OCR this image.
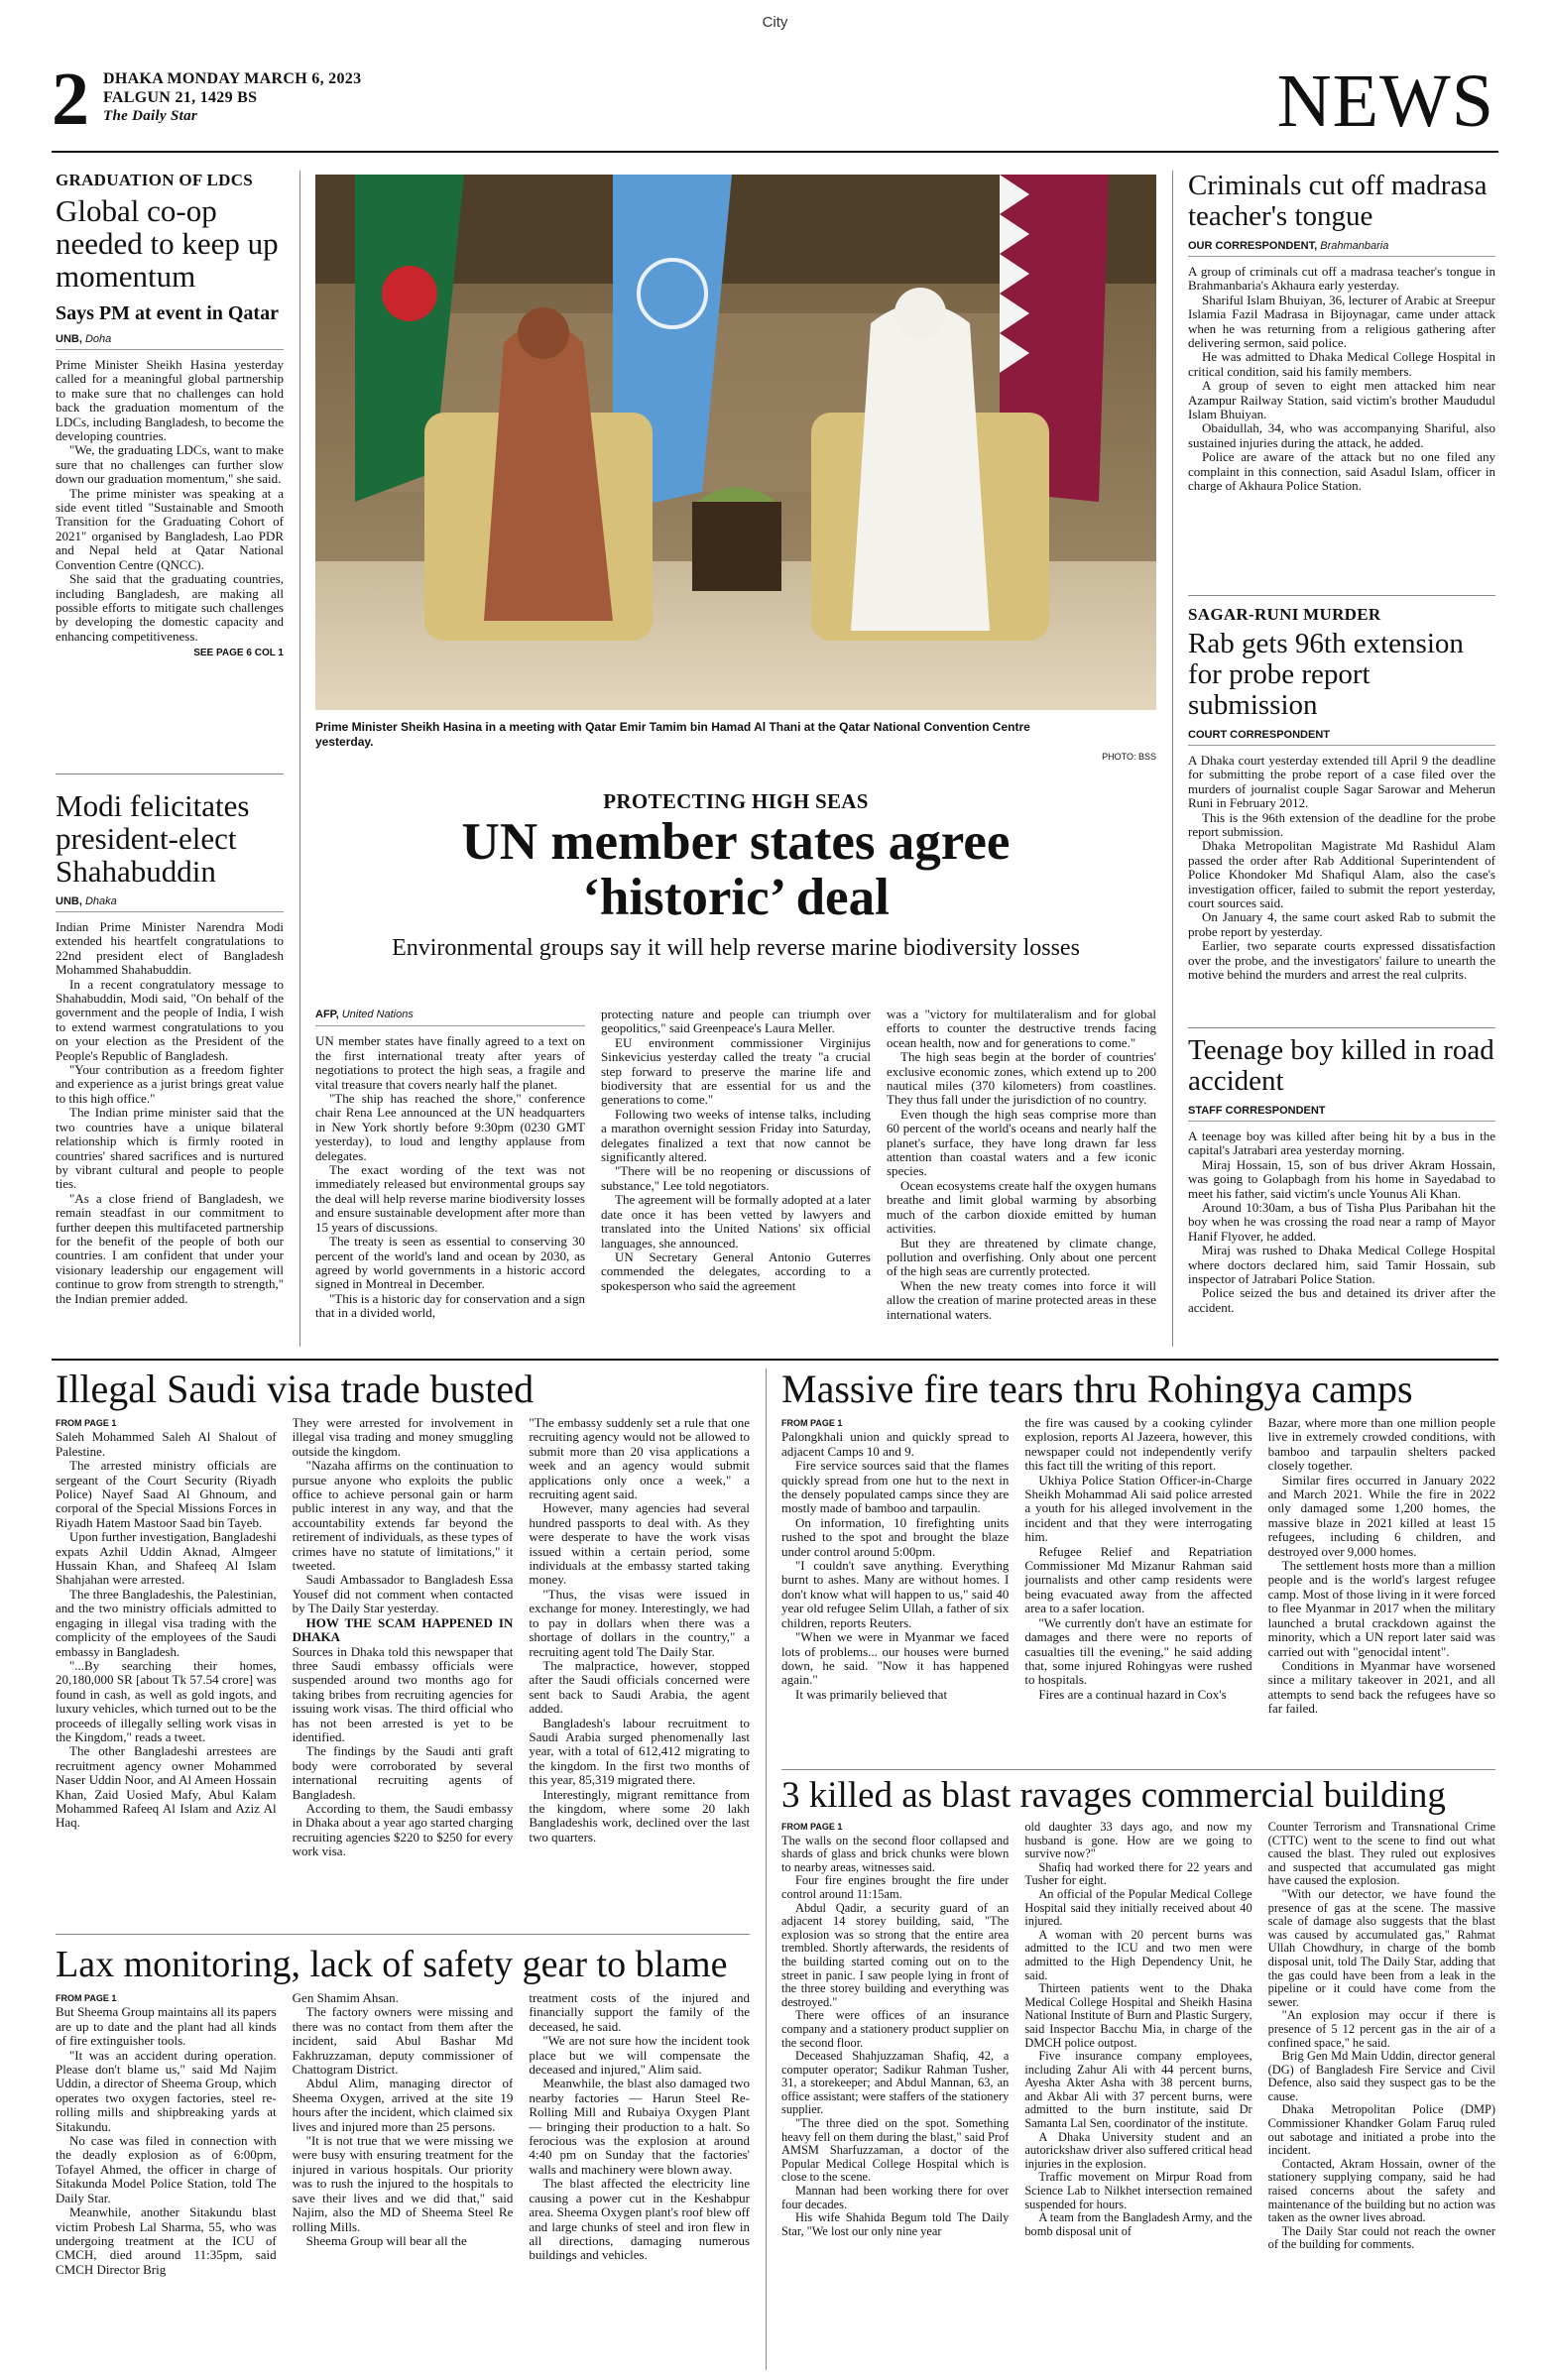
City
2 DHAKA MONDAY MARCH 6, 2023
FALGUN 21, 1429 BS
The Daily Star	NEWS
GRADUATION OF LDCS
Global co-op needed to keep up momentum
Says PM at event in Qatar
UNB, Doha

Prime Minister Sheikh Hasina yesterday called for a meaningful global partnership to make sure that no challenges can hold back the graduation momentum of the LDCs, including Bangladesh, to become the developing countries.

"We, the graduating LDCs, want to make sure that no challenges can further slow down our graduation momentum," she said.

The prime minister was speaking at a side event titled "Sustainable and Smooth Transition for the Graduating Cohort of 2021" organised by Bangladesh, Lao PDR and Nepal held at Qatar National Convention Centre (QNCC).

She said that the graduating countries, including Bangladesh, are making all possible efforts to mitigate such challenges by developing the domestic capacity and enhancing competitiveness.

SEE PAGE 6 COL 1
Modi felicitates president-elect Shahabuddin
UNB, Dhaka

Indian Prime Minister Narendra Modi extended his heartfelt congratulations to 22nd president elect of Bangladesh Mohammed Shahabuddin.

In a recent congratulatory message to Shahabuddin, Modi said, "On behalf of the government and the people of India, I wish to extend warmest congratulations to you on your election as the President of the People's Republic of Bangladesh.

"Your contribution as a freedom fighter and experience as a jurist brings great value to this high office."

The Indian prime minister said that the two countries have a unique bilateral relationship which is firmly rooted in countries' shared sacrifices and is nurtured by vibrant cultural and people to people ties.

"As a close friend of Bangladesh, we remain steadfast in our commitment to further deepen this multifaceted partnership for the benefit of the people of both our countries. I am confident that under your visionary leadership our engagement will continue to grow from strength to strength," the Indian premier added.

Prime Minister Sheikh Hasina in a meeting with Qatar Emir Tamim bin Hamad Al Thani at the Qatar National Convention Centre yesterday.
PHOTO: BSS
PROTECTING HIGH SEAS
UN member states agree
‘historic’ deal
Environmental groups say it will help reverse marine biodiversity losses
AFP, United Nations

UN member states have finally agreed to a text on the first international treaty after years of negotiations to protect the high seas, a fragile and vital treasure that covers nearly half the planet.

"The ship has reached the shore," conference chair Rena Lee announced at the UN headquarters in New York shortly before 9:30pm (0230 GMT yesterday), to loud and lengthy applause from delegates.

The exact wording of the text was not immediately released but environmental groups say the deal will help reverse marine biodiversity losses and ensure sustainable development after more than 15 years of discussions.

The treaty is seen as essential to conserving 30 percent of the world's land and ocean by 2030, as agreed by world governments in a historic accord signed in Montreal in December.

"This is a historic day for conservation and a sign that in a divided world,

protecting nature and people can triumph over geopolitics," said Greenpeace's Laura Meller.

EU environment commissioner Virginijus Sinkevicius yesterday called the treaty "a crucial step forward to preserve the marine life and biodiversity that are essential for us and the generations to come."

Following two weeks of intense talks, including a marathon overnight session Friday into Saturday, delegates finalized a text that now cannot be significantly altered.

"There will be no reopening or discussions of substance," Lee told negotiators.

The agreement will be formally adopted at a later date once it has been vetted by lawyers and translated into the United Nations' six official languages, she announced.

UN Secretary General Antonio Guterres commended the delegates, according to a spokesperson who said the agreement

was a "victory for multilateralism and for global efforts to counter the destructive trends facing ocean health, now and for generations to come."

The high seas begin at the border of countries' exclusive economic zones, which extend up to 200 nautical miles (370 kilometers) from coastlines. They thus fall under the jurisdiction of no country.

Even though the high seas comprise more than 60 percent of the world's oceans and nearly half the planet's surface, they have long drawn far less attention than coastal waters and a few iconic species.

Ocean ecosystems create half the oxygen humans breathe and limit global warming by absorbing much of the carbon dioxide emitted by human activities.

But they are threatened by climate change, pollution and overfishing. Only about one percent of the high seas are currently protected.

When the new treaty comes into force it will allow the creation of marine protected areas in these international waters.

Criminals cut off madrasa teacher's tongue
OUR CORRESPONDENT, Brahmanbaria

A group of criminals cut off a madrasa teacher's tongue in Brahmanbaria's Akhaura early yesterday.

Shariful Islam Bhuiyan, 36, lecturer of Arabic at Sreepur Islamia Fazil Madrasa in Bijoynagar, came under attack when he was returning from a religious gathering after delivering sermon, said police.

He was admitted to Dhaka Medical College Hospital in critical condition, said his family members.

A group of seven to eight men attacked him near Azampur Railway Station, said victim's brother Maududul Islam Bhuiyan.

Obaidullah, 34, who was accompanying Shariful, also sustained injuries during the attack, he added.

Police are aware of the attack but no one filed any complaint in this connection, said Asadul Islam, officer in charge of Akhaura Police Station.

SAGAR-RUNI MURDER
Rab gets 96th extension for probe report submission
COURT CORRESPONDENT

A Dhaka court yesterday extended till April 9 the deadline for submitting the probe report of a case filed over the murders of journalist couple Sagar Sarowar and Meherun Runi in February 2012.

This is the 96th extension of the deadline for the probe report submission.

Dhaka Metropolitan Magistrate Md Rashidul Alam passed the order after Rab Additional Superintendent of Police Khondoker Md Shafiqul Alam, also the case's investigation officer, failed to submit the report yesterday, court sources said.

On January 4, the same court asked Rab to submit the probe report by yesterday.

Earlier, two separate courts expressed dissatisfaction over the probe, and the investigators' failure to unearth the motive behind the murders and arrest the real culprits.

Teenage boy killed in road accident
STAFF CORRESPONDENT

A teenage boy was killed after being hit by a bus in the capital's Jatrabari area yesterday morning.

Miraj Hossain, 15, son of bus driver Akram Hossain, was going to Golapbagh from his home in Sayedabad to meet his father, said victim's uncle Younus Ali Khan.

Around 10:30am, a bus of Tisha Plus Paribahan hit the boy when he was crossing the road near a ramp of Mayor Hanif Flyover, he added.

Miraj was rushed to Dhaka Medical College Hospital where doctors declared him, said Tamir Hossain, sub inspector of Jatrabari Police Station.

Police seized the bus and detained its driver after the accident.

Illegal Saudi visa trade busted
FROM PAGE 1

Saleh Mohammed Saleh Al Shalout of Palestine.

The arrested ministry officials are sergeant of the Court Security (Riyadh Police) Nayef Saad Al Ghnoum, and corporal of the Special Missions Forces in Riyadh Hatem Mastoor Saad bin Tayeb.

Upon further investigation, Bangladeshi expats Azhil Uddin Aknad, Almgeer Hussain Khan, and Shafeeq Al Islam Shahjahan were arrested.

The three Bangladeshis, the Palestinian, and the two ministry officials admitted to engaging in illegal visa trading with the complicity of the employees of the Saudi embassy in Bangladesh.

"...By searching their homes, 20,180,000 SR [about Tk 57.54 crore] was found in cash, as well as gold ingots, and luxury vehicles, which turned out to be the proceeds of illegally selling work visas in the Kingdom," reads a tweet.

The other Bangladeshi arrestees are recruitment agency owner Mohammed Naser Uddin Noor, and Al Ameen Hossain Khan, Zaid Uosied Mafy, Abul Kalam Mohammed Rafeeq Al Islam and Aziz Al Haq.

They were arrested for involvement in illegal visa trading and money smuggling outside the kingdom.

"Nazaha affirms on the continuation to pursue anyone who exploits the public office to achieve personal gain or harm public interest in any way, and that the accountability extends far beyond the retirement of individuals, as these types of crimes have no statute of limitations," it tweeted.

Saudi Ambassador to Bangladesh Essa Yousef did not comment when contacted by The Daily Star yesterday.

HOW THE SCAM HAPPENED IN DHAKA

Sources in Dhaka told this newspaper that three Saudi embassy officials were suspended around two months ago for taking bribes from recruiting agencies for issuing work visas. The third official who has not been arrested is yet to be identified.

The findings by the Saudi anti graft body were corroborated by several international recruiting agents of Bangladesh.

According to them, the Saudi embassy in Dhaka about a year ago started charging recruiting agencies $220 to $250 for every work visa.

"The embassy suddenly set a rule that one recruiting agency would not be allowed to submit more than 20 visa applications a week and an agency would submit applications only once a week," a recruiting agent said.

However, many agencies had several hundred passports to deal with. As they were desperate to have the work visas issued within a certain period, some individuals at the embassy started taking money.

"Thus, the visas were issued in exchange for money. Interestingly, we had to pay in dollars when there was a shortage of dollars in the country," a recruiting agent told The Daily Star.

The malpractice, however, stopped after the Saudi officials concerned were sent back to Saudi Arabia, the agent added.

Bangladesh's labour recruitment to Saudi Arabia surged phenomenally last year, with a total of 612,412 migrating to the kingdom. In the first two months of this year, 85,319 migrated there.

Interestingly, migrant remittance from the kingdom, where some 20 lakh Bangladeshis work, declined over the last two quarters.

Lax monitoring, lack of safety gear to blame
FROM PAGE 1

But Sheema Group maintains all its papers are up to date and the plant had all kinds of fire extinguisher tools.

"It was an accident during operation. Please don't blame us," said Md Najim Uddin, a director of Sheema Group, which operates two oxygen factories, steel re-rolling mills and shipbreaking yards at Sitakundu.

No case was filed in connection with the deadly explosion as of 6:00pm, Tofayel Ahmed, the officer in charge of Sitakunda Model Police Station, told The Daily Star.

Meanwhile, another Sitakundu blast victim Probesh Lal Sharma, 55, who was undergoing treatment at the ICU of CMCH, died around 11:35pm, said CMCH Director Brig

Gen Shamim Ahsan.

The factory owners were missing and there was no contact from them after the incident, said Abul Bashar Md Fakhruzzaman, deputy commissioner of Chattogram District.

Abdul Alim, managing director of Sheema Oxygen, arrived at the site 19 hours after the incident, which claimed six lives and injured more than 25 persons.

"It is not true that we were missing we were busy with ensuring treatment for the injured in various hospitals. Our priority was to rush the injured to the hospitals to save their lives and we did that," said Najim, also the MD of Sheema Steel Re rolling Mills.

Sheema Group will bear all the

treatment costs of the injured and financially support the family of the deceased, he said.

"We are not sure how the incident took place but we will compensate the deceased and injured," Alim said.

Meanwhile, the blast also damaged two nearby factories — Harun Steel Re-Rolling Mill and Rubaiya Oxygen Plant — bringing their production to a halt. So ferocious was the explosion at around 4:40 pm on Sunday that the factories' walls and machinery were blown away.

The blast affected the electricity line causing a power cut in the Keshabpur area. Sheema Oxygen plant's roof blew off and large chunks of steel and iron flew in all directions, damaging numerous buildings and vehicles.

Massive fire tears thru Rohingya camps
FROM PAGE 1

Palongkhali union and quickly spread to adjacent Camps 10 and 9.

Fire service sources said that the flames quickly spread from one hut to the next in the densely populated camps since they are mostly made of bamboo and tarpaulin.

On information, 10 firefighting units rushed to the spot and brought the blaze under control around 5:00pm.

"I couldn't save anything. Everything burnt to ashes. Many are without homes. I don't know what will happen to us," said 40 year old refugee Selim Ullah, a father of six children, reports Reuters.

"When we were in Myanmar we faced lots of problems... our houses were burned down, he said. "Now it has happened again."

It was primarily believed that

the fire was caused by a cooking cylinder explosion, reports Al Jazeera, however, this newspaper could not independently verify this fact till the writing of this report.

Ukhiya Police Station Officer-in-Charge Sheikh Mohammad Ali said police arrested a youth for his alleged involvement in the incident and that they were interrogating him.

Refugee Relief and Repatriation Commissioner Md Mizanur Rahman said journalists and other camp residents were being evacuated away from the affected area to a safer location.

"We currently don't have an estimate for damages and there were no reports of casualties till the evening," he said adding that, some injured Rohingyas were rushed to hospitals.

Fires are a continual hazard in Cox's

Bazar, where more than one million people live in extremely crowded conditions, with bamboo and tarpaulin shelters packed closely together.

Similar fires occurred in January 2022 and March 2021. While the fire in 2022 only damaged some 1,200 homes, the massive blaze in 2021 killed at least 15 refugees, including 6 children, and destroyed over 9,000 homes.

The settlement hosts more than a million people and is the world's largest refugee camp. Most of those living in it were forced to flee Myanmar in 2017 when the military launched a brutal crackdown against the minority, which a UN report later said was carried out with "genocidal intent".

Conditions in Myanmar have worsened since a military takeover in 2021, and all attempts to send back the refugees have so far failed.

3 killed as blast ravages commercial building
FROM PAGE 1

The walls on the second floor collapsed and shards of glass and brick chunks were blown to nearby areas, witnesses said.

Four fire engines brought the fire under control around 11:15am.

Abdul Qadir, a security guard of an adjacent 14 storey building, said, "The explosion was so strong that the entire area trembled. Shortly afterwards, the residents of the building started coming out on to the street in panic. I saw people lying in front of the three storey building and everything was destroyed."

There were offices of an insurance company and a stationery product supplier on the second floor.

Deceased Shahjuzzaman Shafiq, 42, a computer operator; Sadikur Rahman Tusher, 31, a storekeeper; and Abdul Mannan, 63, an office assistant; were staffers of the stationery supplier.

"The three died on the spot. Something heavy fell on them during the blast," said Prof AMSM Sharfuzzaman, a doctor of the Popular Medical College Hospital which is close to the scene.

Mannan had been working there for over four decades.

His wife Shahida Begum told The Daily Star, "We lost our only nine year

old daughter 33 days ago, and now my husband is gone. How are we going to survive now?"

Shafiq had worked there for 22 years and Tusher for eight.

An official of the Popular Medical College Hospital said they initially received about 40 injured.

A woman with 20 percent burns was admitted to the ICU and two men were admitted to the High Dependency Unit, he said.

Thirteen patients went to the Dhaka Medical College Hospital and Sheikh Hasina National Institute of Burn and Plastic Surgery, said Inspector Bacchu Mia, in charge of the DMCH police outpost.

Five insurance company employees, including Zahur Ali with 44 percent burns, Ayesha Akter Asha with 38 percent burns, and Akbar Ali with 37 percent burns, were admitted to the burn institute, said Dr Samanta Lal Sen, coordinator of the institute.

A Dhaka University student and an autorickshaw driver also suffered critical head injuries in the explosion.

Traffic movement on Mirpur Road from Science Lab to Nilkhet intersection remained suspended for hours.

A team from the Bangladesh Army, and the bomb disposal unit of

Counter Terrorism and Transnational Crime (CTTC) went to the scene to find out what caused the blast. They ruled out explosives and suspected that accumulated gas might have caused the explosion.

"With our detector, we have found the presence of gas at the scene. The massive scale of damage also suggests that the blast was caused by accumulated gas," Rahmat Ullah Chowdhury, in charge of the bomb disposal unit, told The Daily Star, adding that the gas could have been from a leak in the pipeline or it could have come from the sewer.

"An explosion may occur if there is presence of 5 12 percent gas in the air of a confined space," he said.

Brig Gen Md Main Uddin, director general (DG) of Bangladesh Fire Service and Civil Defence, also said they suspect gas to be the cause.

Dhaka Metropolitan Police (DMP) Commissioner Khandker Golam Faruq ruled out sabotage and initiated a probe into the incident.

Contacted, Akram Hossain, owner of the stationery supplying company, said he had raised concerns about the safety and maintenance of the building but no action was taken as the owner lives abroad.

The Daily Star could not reach the owner of the building for comments.
